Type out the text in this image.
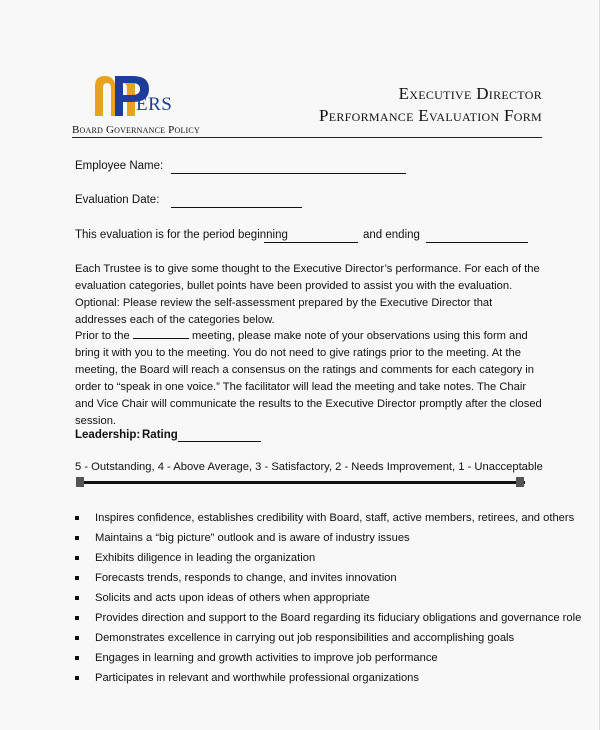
ERS
Board Governance Policy
Executive Director
Performance Evaluation Form
Employee Name:
Evaluation Date:
This evaluation is for the period beginning	and ending

Each Trustee is to give some thought to the Executive Director’s performance. For each of the evaluation categories, bullet points have been provided to assist you with the evaluation. Optional: Please review the self-assessment prepared by the Executive Director that addresses each of the categories below.

Prior to the	meeting, please make note of your observations using this form and bring it with you to the meeting. You do not need to give ratings prior to the meeting. At the meeting, the Board will reach a consensus on the ratings and comments for each category in order to “speak in one voice.” The facilitator will lead the meeting and take notes. The Chair and Vice Chair will communicate the results to the Executive Director promptly after the closed session.

Leadership: Rating
5 - Outstanding, 4 - Above Average, 3 - Satisfactory, 2 - Needs Improvement, 1 - Unacceptable
Inspires confidence, establishes credibility with Board, staff, active members, retirees, and others
Maintains a “big picture” outlook and is aware of industry issues
Exhibits diligence in leading the organization
Forecasts trends, responds to change, and invites innovation
Solicits and acts upon ideas of others when appropriate
Provides direction and support to the Board regarding its fiduciary obligations and governance role
Demonstrates excellence in carrying out job responsibilities and accomplishing goals
Engages in learning and growth activities to improve job performance
Participates in relevant and worthwhile professional organizations
